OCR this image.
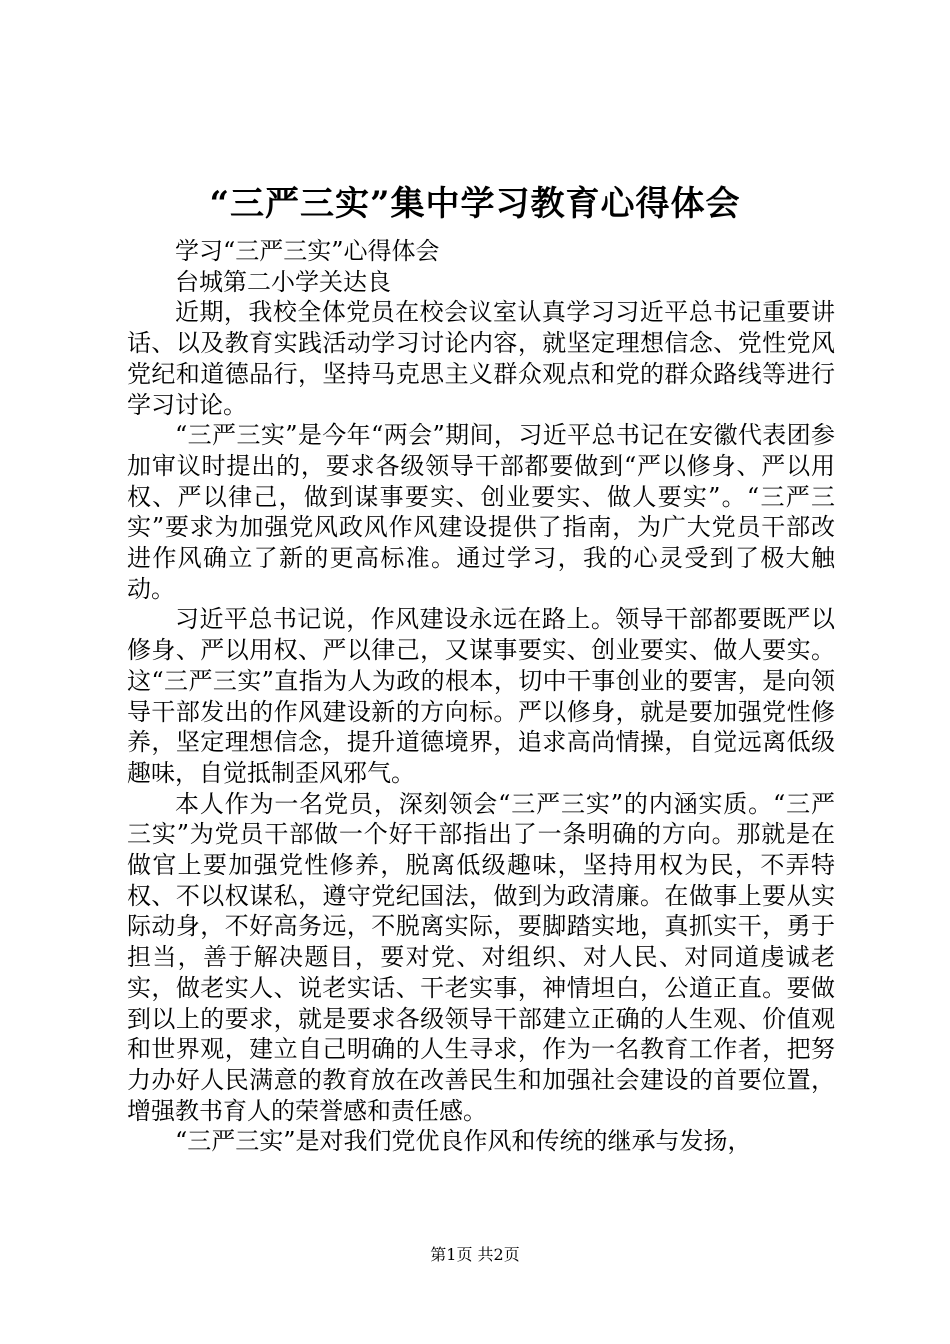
“三严三实”集中学习教育心得体会

学习“三严三实”心得体会

台城第二小学关达良

近期，我校全体党员在校会议室认真学习习近平总书记重要讲话、以及教育实践活动学习讨论内容，就坚定理想信念、党性党风党纪和道德品行，坚持马克思主义群众观点和党的群众路线等进行学习讨论。

“三严三实”是今年“两会”期间，习近平总书记在安徽代表团参加审议时提出的，要求各级领导干部都要做到“严以修身、严以用权、严以律己，做到谋事要实、创业要实、做人要实”。“三严三实”要求为加强党风政风作风建设提供了指南，为广大党员干部改进作风确立了新的更高标准。通过学习，我的心灵受到了极大触动。

习近平总书记说，作风建设永远在路上。领导干部都要既严以修身、严以用权、严以律己，又谋事要实、创业要实、做人要实。这“三严三实”直指为人为政的根本，切中干事创业的要害，是向领导干部发出的作风建设新的方向标。严以修身，就是要加强党性修养，坚定理想信念，提升道德境界，追求高尚情操，自觉远离低级趣味，自觉抵制歪风邪气。

本人作为一名党员，深刻领会“三严三实”的内涵实质。“三严三实”为党员干部做一个好干部指出了一条明确的方向。那就是在做官上要加强党性修养，脱离低级趣味，坚持用权为民，不弄特权、不以权谋私，遵守党纪国法，做到为政清廉。在做事上要从实际动身，不好高务远，不脱离实际，要脚踏实地，真抓实干，勇于担当，善于解决题目，要对党、对组织、对人民、对同道虔诚老实，做老实人、说老实话、干老实事，神情坦白，公道正直。要做到以上的要求，就是要求各级领导干部建立正确的人生观、价值观和世界观，建立自己明确的人生寻求，作为一名教育工作者，把努力办好人民满意的教育放在改善民生和加强社会建设的首要位置，增强教书育人的荣誉感和责任感。

“三严三实”是对我们党优良作风和传统的继承与发扬，

第1页 共2页
